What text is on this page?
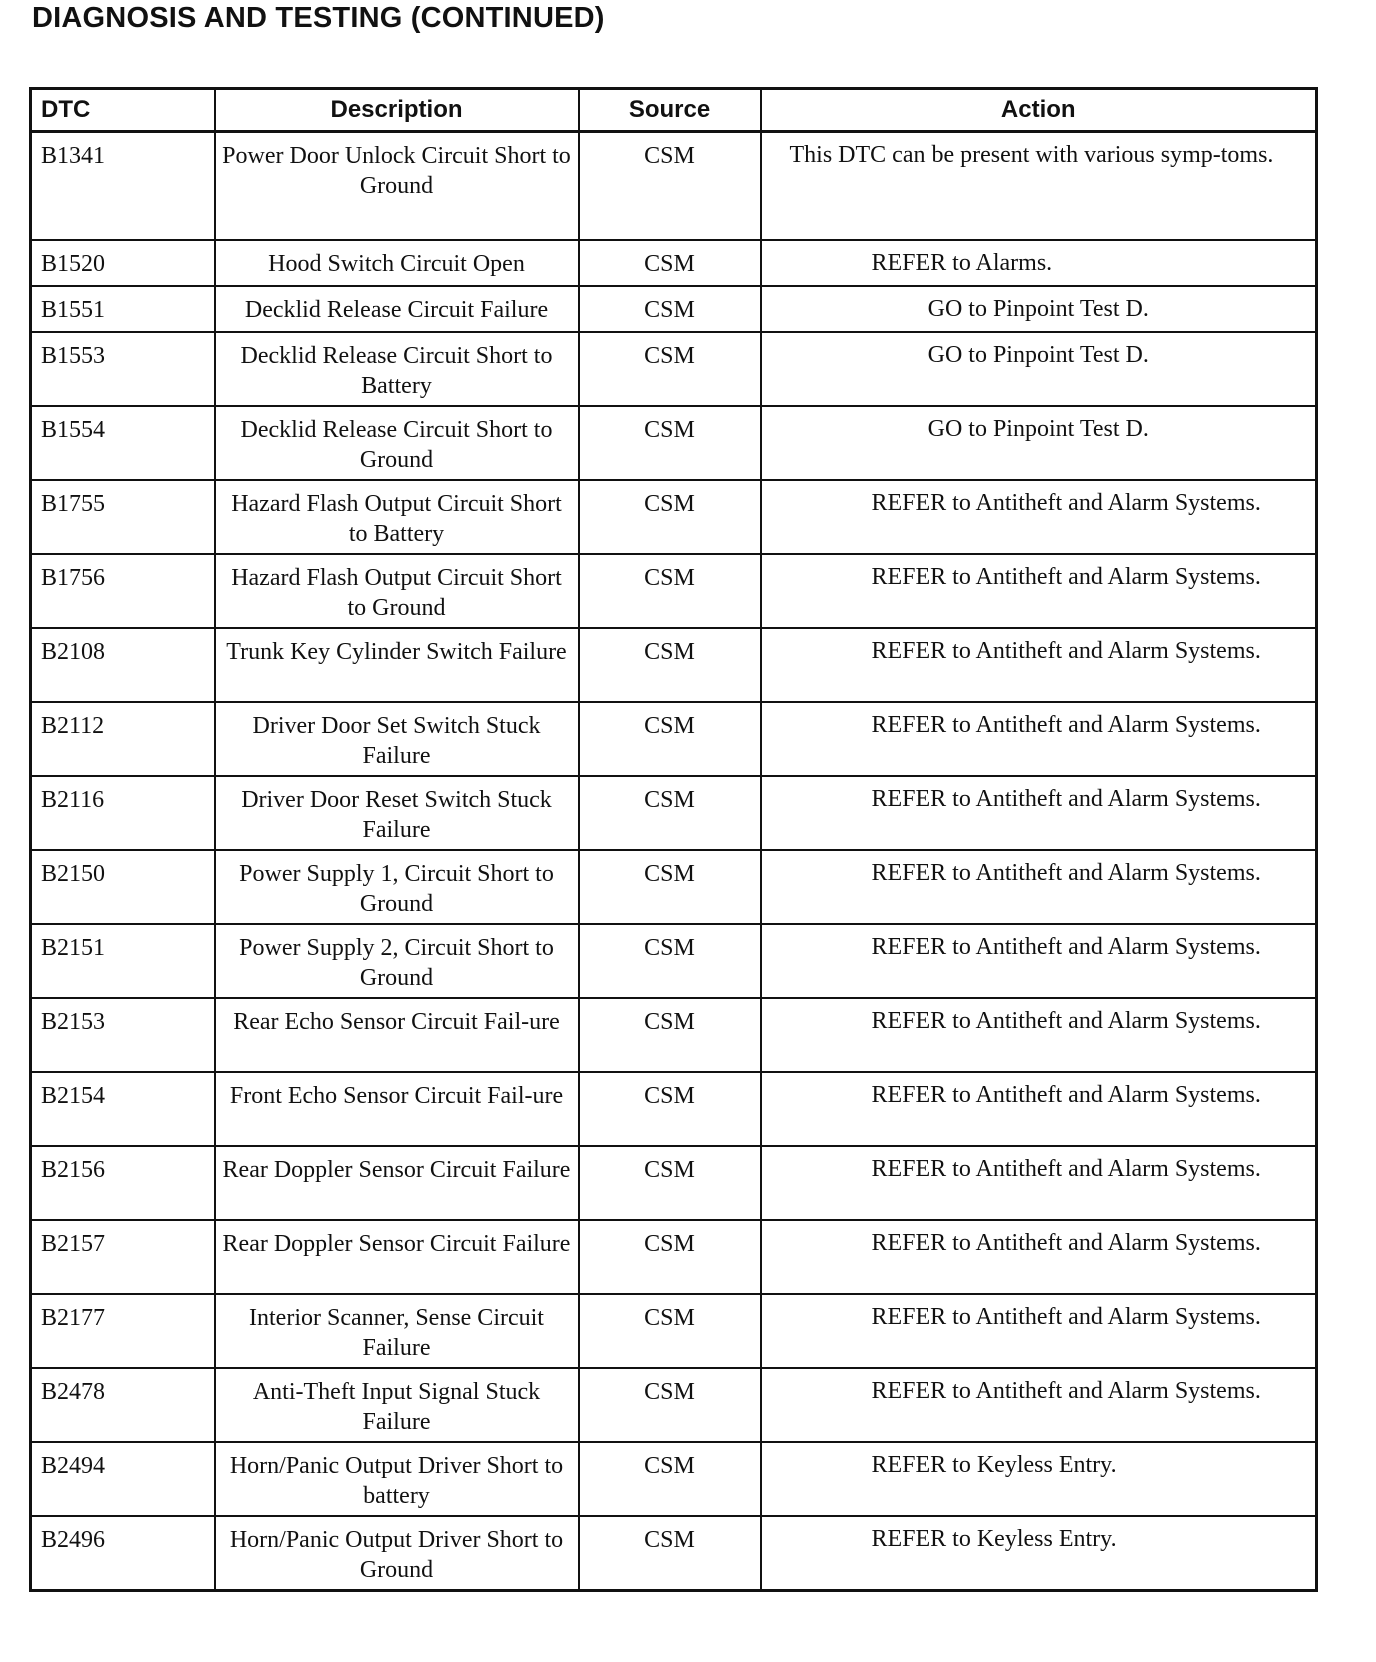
DIAGNOSIS AND TESTING (CONTINUED)
DTC	Description	Source	Action
B1341	Power Door Unlock Circuit Short to Ground	CSM	This DTC can be present with various symp-toms.
B1520	Hood Switch Circuit Open	CSM	REFER to Alarms.
B1551	Decklid Release Circuit Failure	CSM	GO to Pinpoint Test D.
B1553	Decklid Release Circuit Short to Battery	CSM	GO to Pinpoint Test D.
B1554	Decklid Release Circuit Short to Ground	CSM	GO to Pinpoint Test D.
B1755	Hazard Flash Output Circuit Short to Battery	CSM	REFER to Antitheft and Alarm Systems.
B1756	Hazard Flash Output Circuit Short to Ground	CSM	REFER to Antitheft and Alarm Systems.
B2108	Trunk Key Cylinder Switch Failure	CSM	REFER to Antitheft and Alarm Systems.
B2112	Driver Door Set Switch Stuck Failure	CSM	REFER to Antitheft and Alarm Systems.
B2116	Driver Door Reset Switch Stuck Failure	CSM	REFER to Antitheft and Alarm Systems.
B2150	Power Supply 1, Circuit Short to Ground	CSM	REFER to Antitheft and Alarm Systems.
B2151	Power Supply 2, Circuit Short to Ground	CSM	REFER to Antitheft and Alarm Systems.
B2153	Rear Echo Sensor Circuit Fail-ure	CSM	REFER to Antitheft and Alarm Systems.
B2154	Front Echo Sensor Circuit Fail-ure	CSM	REFER to Antitheft and Alarm Systems.
B2156	Rear Doppler Sensor Circuit Failure	CSM	REFER to Antitheft and Alarm Systems.
B2157	Rear Doppler Sensor Circuit Failure	CSM	REFER to Antitheft and Alarm Systems.
B2177	Interior Scanner, Sense Circuit Failure	CSM	REFER to Antitheft and Alarm Systems.
B2478	Anti-Theft Input Signal Stuck Failure	CSM	REFER to Antitheft and Alarm Systems.
B2494	Horn/Panic Output Driver Short to battery	CSM	REFER to Keyless Entry.
B2496	Horn/Panic Output Driver Short to Ground	CSM	REFER to Keyless Entry.
